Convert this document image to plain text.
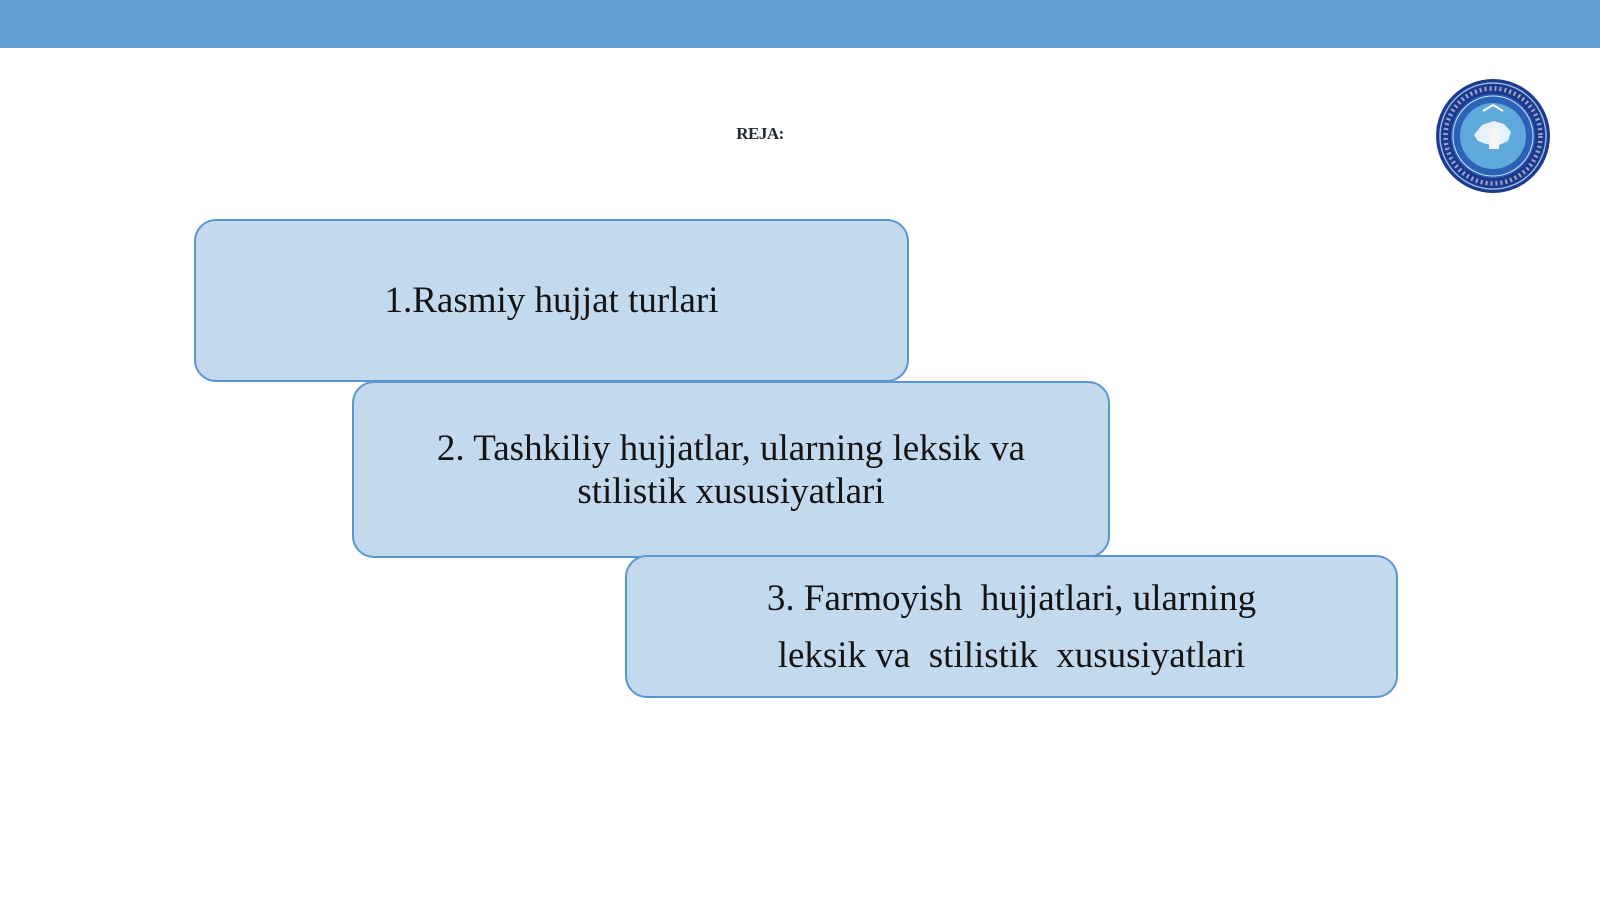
REJA:
1.Rasmiy hujjat turlari
2. Tashkiliy hujjatlar, ularning leksik va
stilistik xususiyatlari
3. Farmoyish  hujjatlari, ularning
leksik va  stilistik  xususiyatlari
